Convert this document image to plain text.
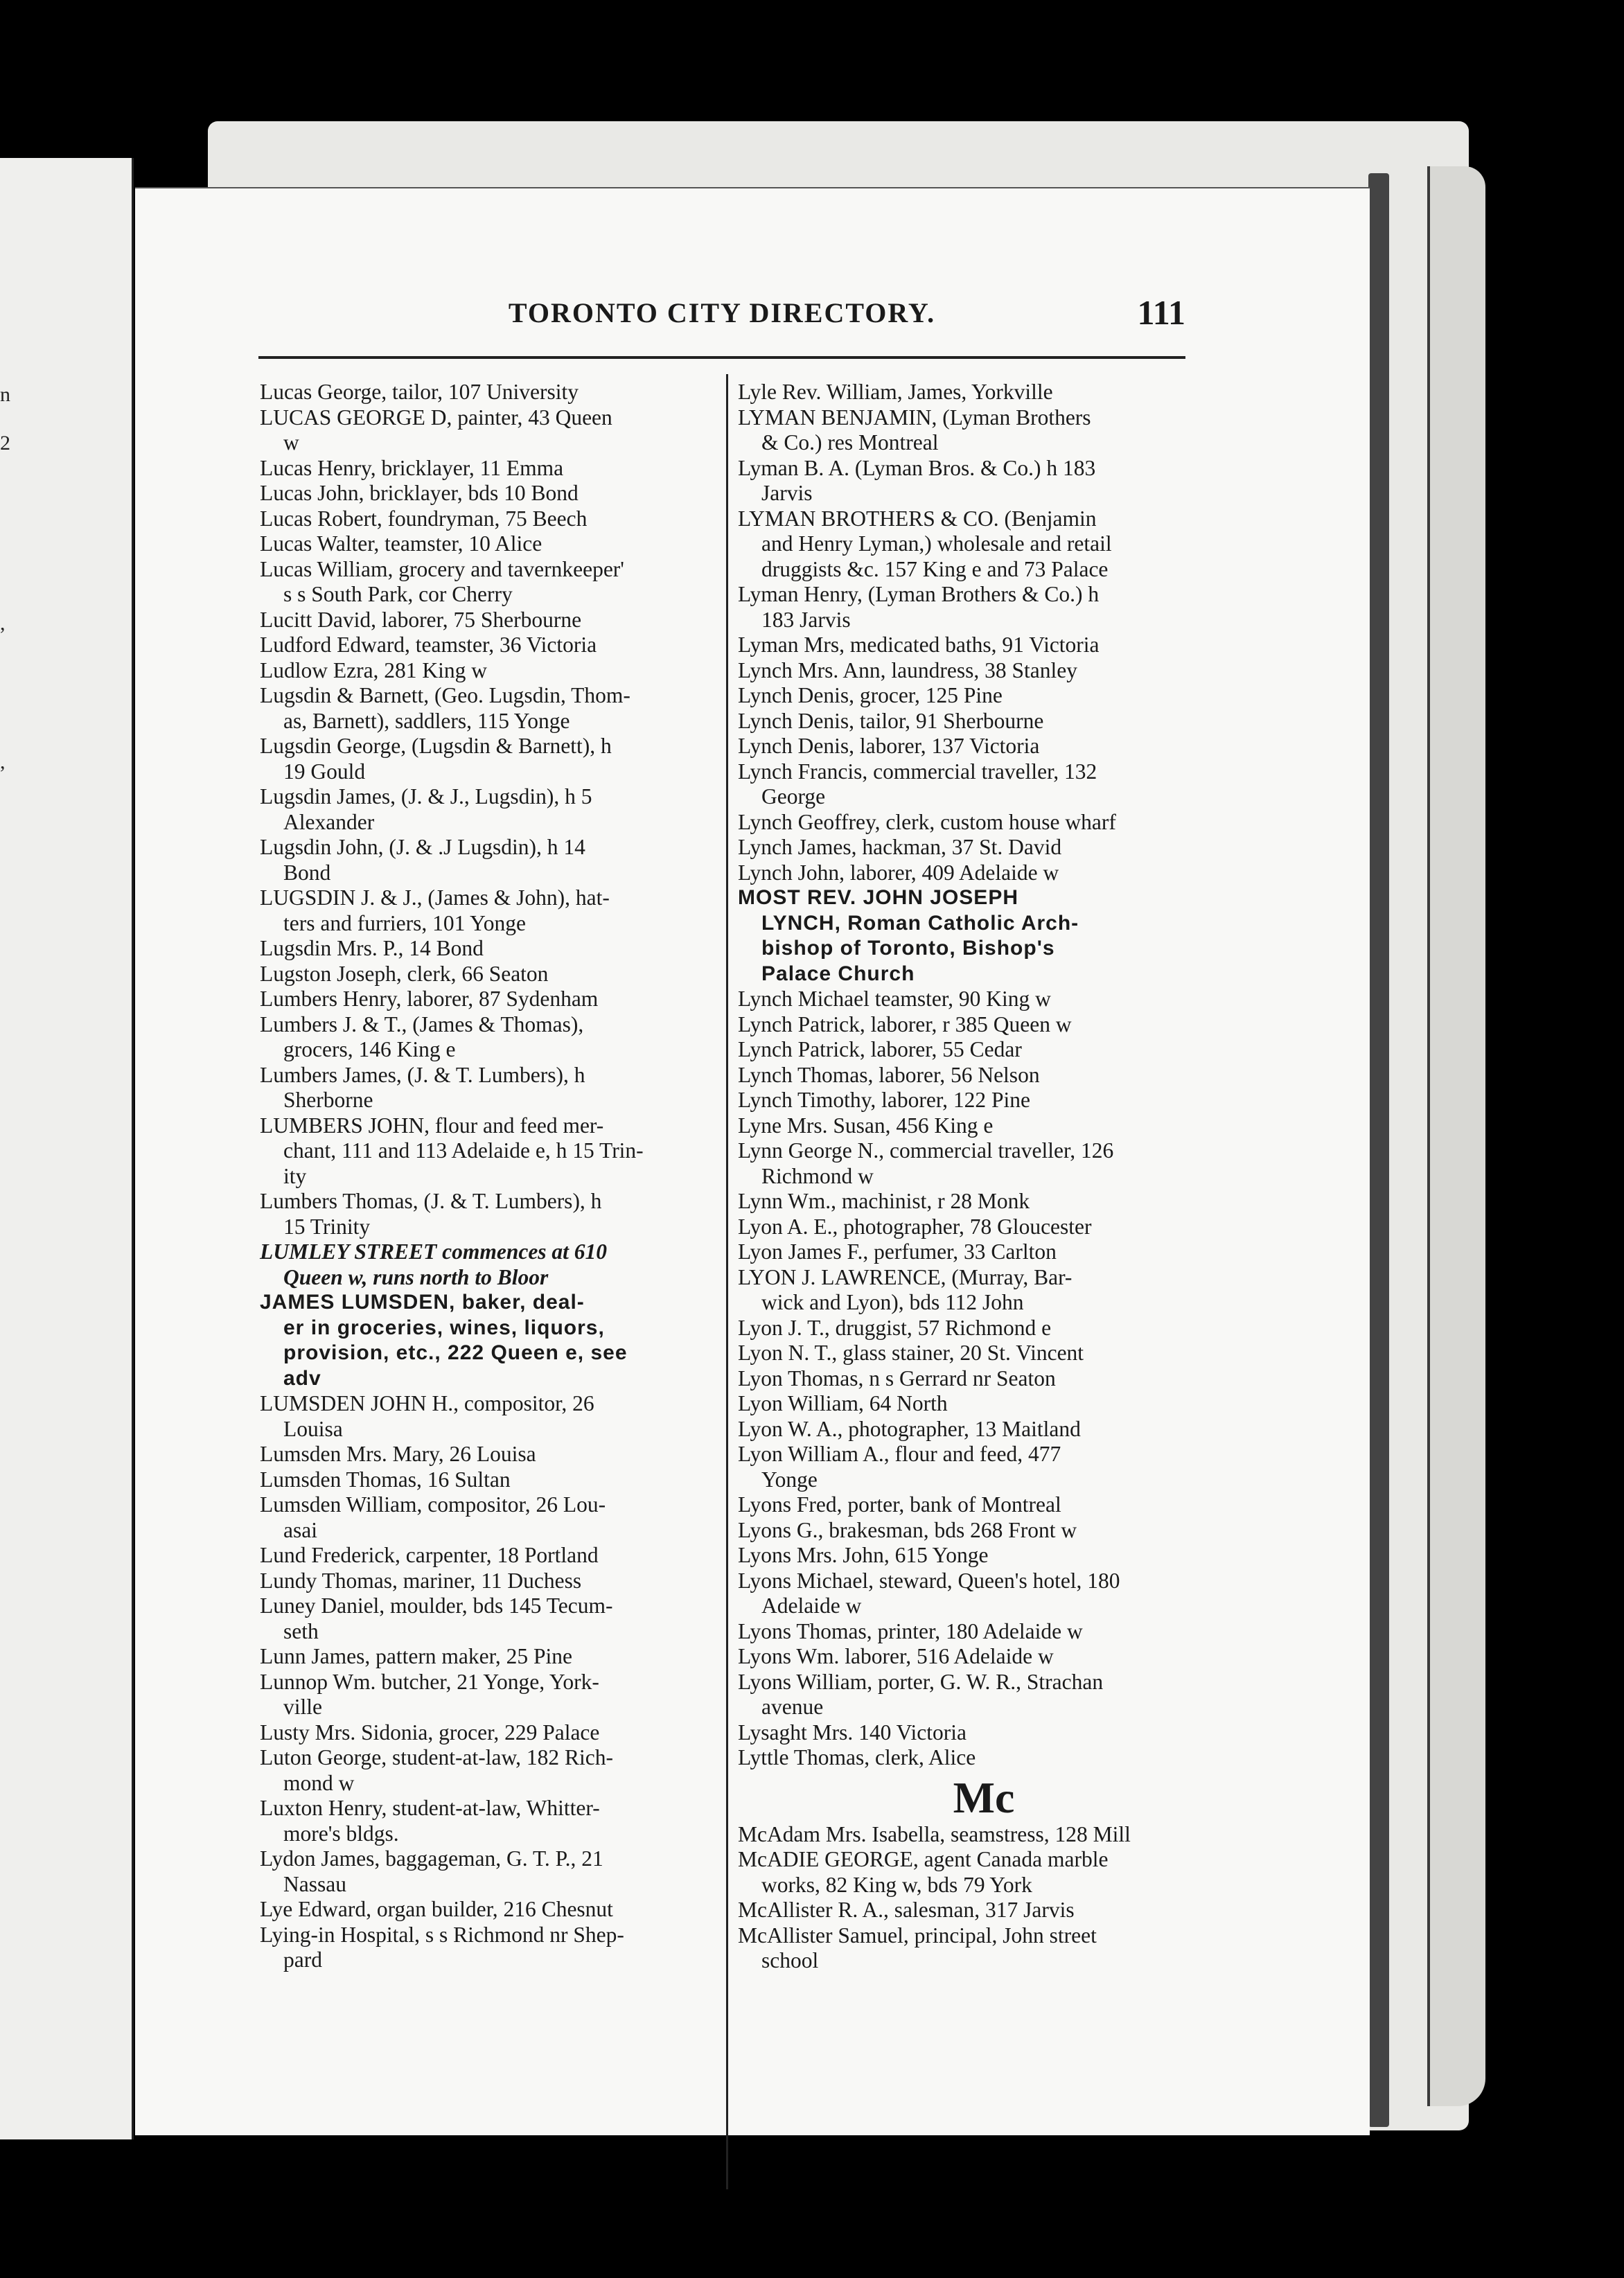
n
2
,
,
TORONTO CITY DIRECTORY.	111
Lucas George, tailor, 107 University
LUCAS GEORGE D, painter, 43 Queen
w
Lucas Henry, bricklayer, 11 Emma
Lucas John, bricklayer, bds 10 Bond
Lucas Robert, foundryman, 75 Beech
Lucas Walter, teamster, 10 Alice
Lucas William, grocery and tavernkeeper'
s s South Park, cor Cherry
Lucitt David, laborer, 75 Sherbourne
Ludford Edward, teamster, 36 Victoria
Ludlow Ezra, 281 King w
Lugsdin & Barnett, (Geo. Lugsdin, Thom-
as, Barnett), saddlers, 115 Yonge
Lugsdin George, (Lugsdin & Barnett), h
19 Gould
Lugsdin James, (J. & J., Lugsdin), h 5
Alexander
Lugsdin John, (J. & .J Lugsdin), h 14
Bond
LUGSDIN J. & J., (James & John), hat-
ters and furriers, 101 Yonge
Lugsdin Mrs. P., 14 Bond
Lugston Joseph, clerk, 66 Seaton
Lumbers Henry, laborer, 87 Sydenham
Lumbers J. & T., (James & Thomas),
grocers, 146 King e
Lumbers James, (J. & T. Lumbers), h
Sherborne
LUMBERS JOHN, flour and feed mer-
chant, 111 and 113 Adelaide e, h 15 Trin-
ity
Lumbers Thomas, (J. & T. Lumbers), h
15 Trinity
LUMLEY STREET commences at 610
Queen w, runs north to Bloor
JAMES LUMSDEN, baker, deal-
er in groceries, wines, liquors,
provision, etc., 222 Queen e, see
adv
LUMSDEN JOHN H., compositor, 26
Louisa
Lumsden Mrs. Mary, 26 Louisa
Lumsden Thomas, 16 Sultan
Lumsden William, compositor, 26 Lou-
asai
Lund Frederick, carpenter, 18 Portland
Lundy Thomas, mariner, 11 Duchess
Luney Daniel, moulder, bds 145 Tecum-
seth
Lunn James, pattern maker, 25 Pine
Lunnop Wm. butcher, 21 Yonge, York-
ville
Lusty Mrs. Sidonia, grocer, 229 Palace
Luton George, student-at-law, 182 Rich-
mond w
Luxton Henry, student-at-law, Whitter-
more's bldgs.
Lydon James, baggageman, G. T. P., 21
Nassau
Lye Edward, organ builder, 216 Chesnut
Lying-in Hospital, s s Richmond nr Shep-
pard
Lyle Rev. William, James, Yorkville
LYMAN BENJAMIN, (Lyman Brothers
& Co.) res Montreal
Lyman B. A. (Lyman Bros. & Co.) h 183
Jarvis
LYMAN BROTHERS & CO. (Benjamin
and Henry Lyman,) wholesale and retail
druggists &c. 157 King e and 73 Palace
Lyman Henry, (Lyman Brothers & Co.) h
183 Jarvis
Lyman Mrs, medicated baths, 91 Victoria
Lynch Mrs. Ann, laundress, 38 Stanley
Lynch Denis, grocer, 125 Pine
Lynch Denis, tailor, 91 Sherbourne
Lynch Denis, laborer, 137 Victoria
Lynch Francis, commercial traveller, 132
George
Lynch Geoffrey, clerk, custom house wharf
Lynch James, hackman, 37 St. David
Lynch John, laborer, 409 Adelaide w
MOST REV. JOHN JOSEPH
LYNCH, Roman Catholic Arch-
bishop of Toronto, Bishop's
Palace Church
Lynch Michael teamster, 90 King w
Lynch Patrick, laborer, r 385 Queen w
Lynch Patrick, laborer, 55 Cedar
Lynch Thomas, laborer, 56 Nelson
Lynch Timothy, laborer, 122 Pine
Lyne Mrs. Susan, 456 King e
Lynn George N., commercial traveller, 126
Richmond w
Lynn Wm., machinist, r 28 Monk
Lyon A. E., photographer, 78 Gloucester
Lyon James F., perfumer, 33 Carlton
LYON J. LAWRENCE, (Murray, Bar-
wick and Lyon), bds 112 John
Lyon J. T., druggist, 57 Richmond e
Lyon N. T., glass stainer, 20 St. Vincent
Lyon Thomas, n s Gerrard nr Seaton
Lyon William, 64 North
Lyon W. A., photographer, 13 Maitland
Lyon William A., flour and feed, 477
Yonge
Lyons Fred, porter, bank of Montreal
Lyons G., brakesman, bds 268 Front w
Lyons Mrs. John, 615 Yonge
Lyons Michael, steward, Queen's hotel, 180
Adelaide w
Lyons Thomas, printer, 180 Adelaide w
Lyons Wm. laborer, 516 Adelaide w
Lyons William, porter, G. W. R., Strachan
avenue
Lysaght Mrs. 140 Victoria
Lyttle Thomas, clerk, Alice
Mc
McAdam Mrs. Isabella, seamstress, 128 Mill
McADIE GEORGE, agent Canada marble
works, 82 King w, bds 79 York
McAllister R. A., salesman, 317 Jarvis
McAllister Samuel, principal, John street
school
